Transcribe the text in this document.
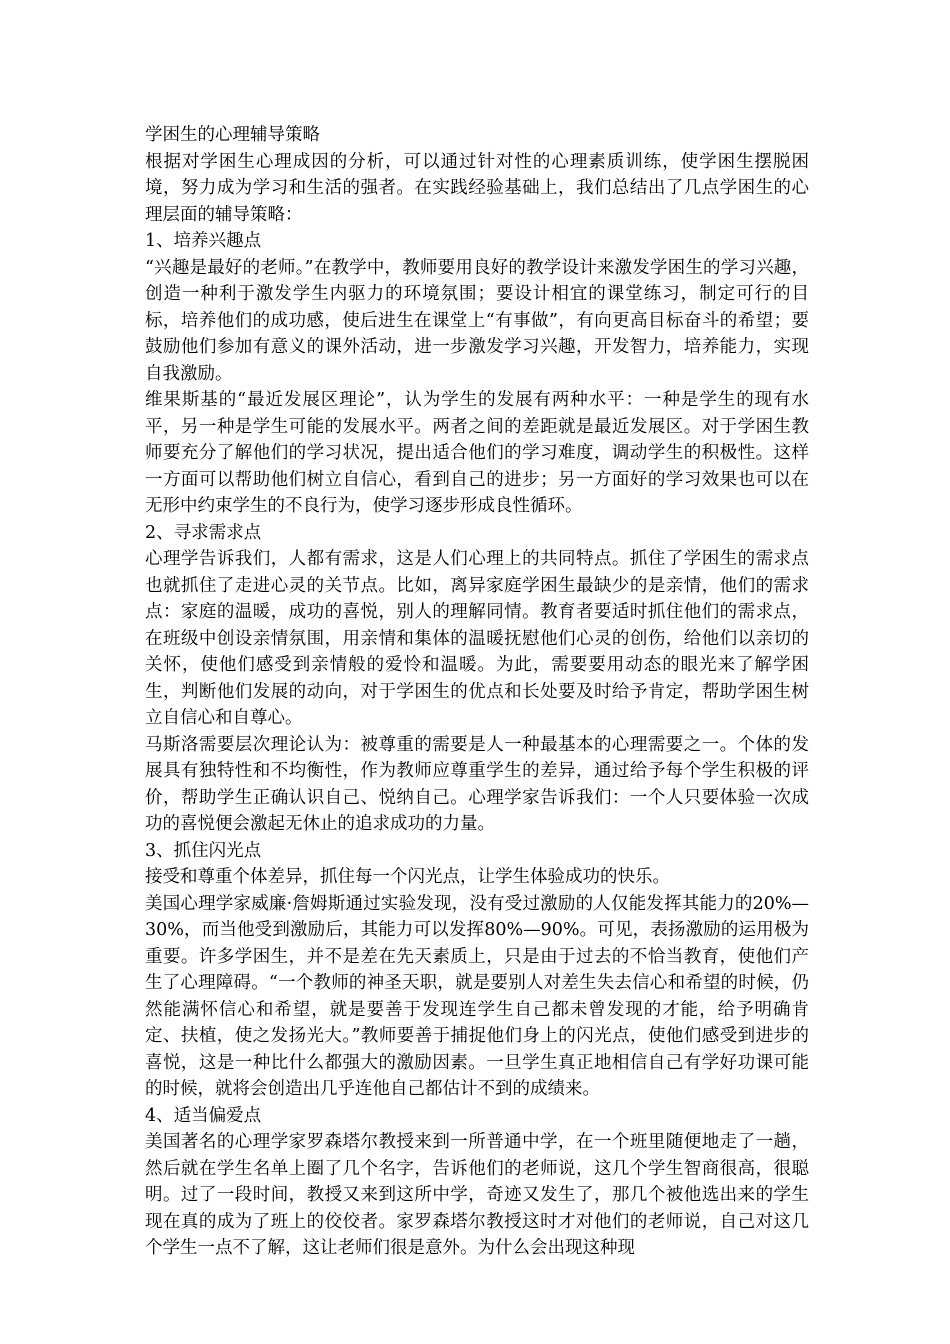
学困生的心理辅导策略

根据对学困生心理成因的分析，可以通过针对性的心理素质训练，使学困生摆脱困境，努力成为学习和生活的强者。在实践经验基础上，我们总结出了几点学困生的心理层面的辅导策略：

1、培养兴趣点

“兴趣是最好的老师。”在教学中，教师要用良好的教学设计来激发学困生的学习兴趣，创造一种利于激发学生内驱力的环境氛围；要设计相宜的课堂练习，制定可行的目标，培养他们的成功感，使后进生在课堂上“有事做”，有向更高目标奋斗的希望；要鼓励他们参加有意义的课外活动，进一步激发学习兴趣，开发智力，培养能力，实现自我激励。

维果斯基的“最近发展区理论”，认为学生的发展有两种水平：一种是学生的现有水平，另一种是学生可能的发展水平。两者之间的差距就是最近发展区。对于学困生教师要充分了解他们的学习状况，提出适合他们的学习难度，调动学生的积极性。这样一方面可以帮助他们树立自信心，看到自己的进步；另一方面好的学习效果也可以在无形中约束学生的不良行为，使学习逐步形成良性循环。

2、寻求需求点

心理学告诉我们，人都有需求，这是人们心理上的共同特点。抓住了学困生的需求点也就抓住了走进心灵的关节点。比如，离异家庭学困生最缺少的是亲情，他们的需求点：家庭的温暖，成功的喜悦，别人的理解同情。教育者要适时抓住他们的需求点，在班级中创设亲情氛围，用亲情和集体的温暖抚慰他们心灵的创伤，给他们以亲切的关怀，使他们感受到亲情般的爱怜和温暖。为此，需要要用动态的眼光来了解学困生，判断他们发展的动向，对于学困生的优点和长处要及时给予肯定，帮助学困生树立自信心和自尊心。

马斯洛需要层次理论认为：被尊重的需要是人一种最基本的心理需要之一。个体的发展具有独特性和不均衡性，作为教师应尊重学生的差异，通过给予每个学生积极的评价，帮助学生正确认识自己、悦纳自己。心理学家告诉我们：一个人只要体验一次成功的喜悦便会激起无休止的追求成功的力量。

3、抓住闪光点

接受和尊重个体差异，抓住每一个闪光点，让学生体验成功的快乐。

美国心理学家威廉·詹姆斯通过实验发现，没有受过激励的人仅能发挥其能力的20%—30%，而当他受到激励后，其能力可以发挥80%—90%。可见，表扬激励的运用极为重要。许多学困生，并不是差在先天素质上，只是由于过去的不恰当教育，使他们产生了心理障碍。“一个教师的神圣天职，就是要别人对差生失去信心和希望的时候，仍然能满怀信心和希望，就是要善于发现连学生自己都未曾发现的才能，给予明确肯定、扶植，使之发扬光大。”教师要善于捕捉他们身上的闪光点，使他们感受到进步的喜悦，这是一种比什么都强大的激励因素。一旦学生真正地相信自己有学好功课可能的时候，就将会创造出几乎连他自己都估计不到的成绩来。

4、适当偏爱点

美国著名的心理学家罗森塔尔教授来到一所普通中学，在一个班里随便地走了一趟，然后就在学生名单上圈了几个名字，告诉他们的老师说，这几个学生智商很高，很聪明。过了一段时间，教授又来到这所中学，奇迹又发生了，那几个被他选出来的学生现在真的成为了班上的佼佼者。家罗森塔尔教授这时才对他们的老师说，自己对这几个学生一点不了解，这让老师们很是意外。为什么会出现这种现
